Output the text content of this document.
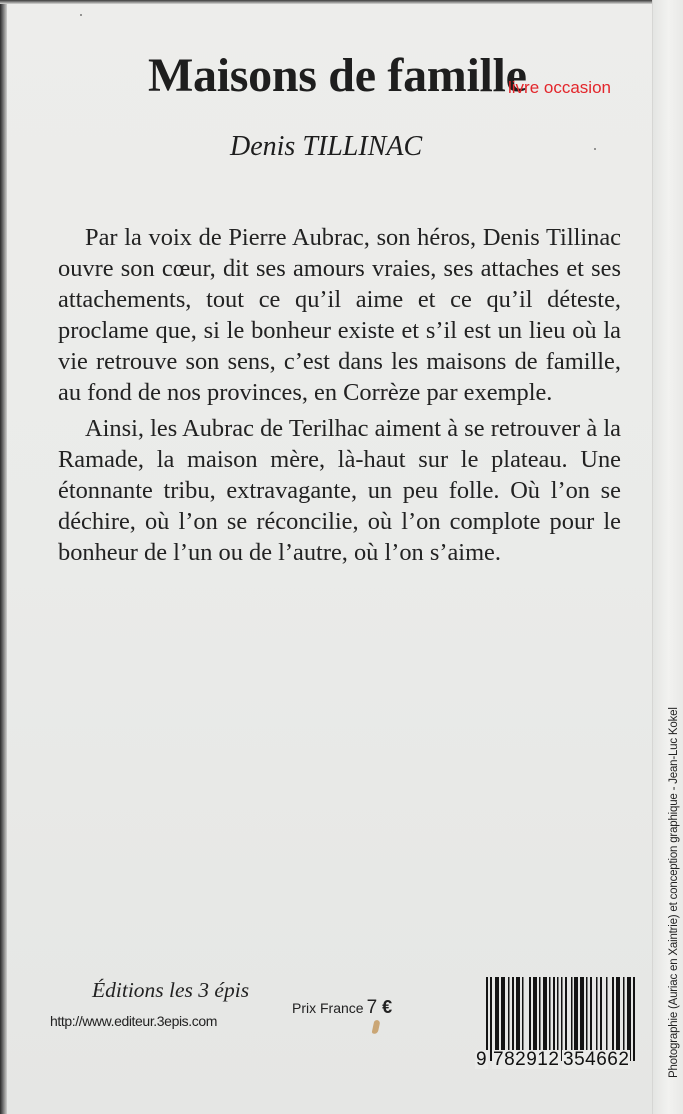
Maisons de famille
livre occasion
Denis TILLINAC

Par la voix de Pierre Aubrac, son héros, Denis Tillinac ouvre son cœur, dit ses amours vraies, ses attaches et ses attachements, tout ce qu’il aime et ce qu’il déteste, proclame que, si le bonheur existe et s’il est un lieu où la vie retrouve son sens, c’est dans les maisons de famille, au fond de nos provinces, en Corrèze par exemple.

Ainsi, les Aubrac de Terilhac aiment à se retrouver à la Ramade, la maison mère, là-haut sur le plateau. Une étonnante tribu, extravagante, un peu folle. Où l’on se déchire, où l’on se réconcilie, où l’on complote pour le bonheur de l’un ou de l’autre, où l’on s’aime.

Éditions les 3 épis
http://www.editeur.3epis.com
Prix France 7 €
9 782912 354662	Photographie (Auriac en Xaintrie) et conception graphique - Jean-Luc Kokel
